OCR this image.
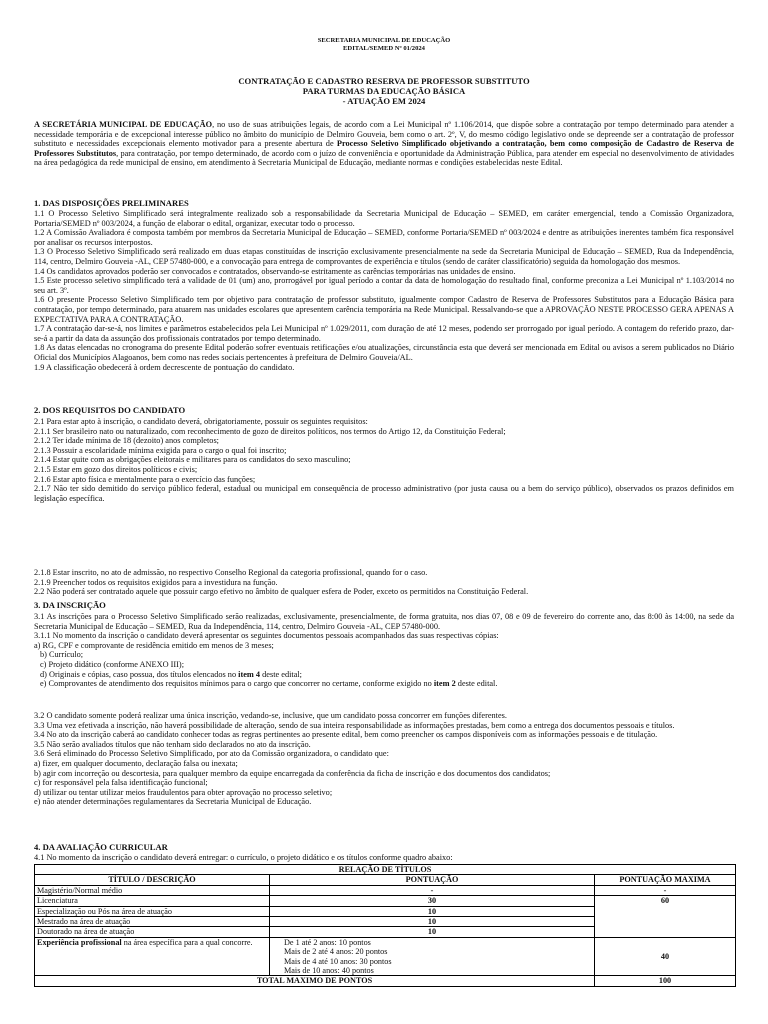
SECRETARIA MUNICIPAL DE EDUCAÇÃO
EDITAL/SEMED Nº 01/2024
CONTRATAÇÃO E CADASTRO RESERVA DE PROFESSOR SUBSTITUTO
PARA TURMAS DA EDUCAÇÃO BÁSICA
- ATUAÇÃO EM 2024
A SECRETÁRIA MUNICIPAL DE EDUCAÇÃO, no uso de suas atribuições legais, de acordo com a Lei Municipal nº 1.106/2014, que dispõe sobre a contratação por tempo determinado para atender a necessidade temporária e de excepcional interesse público no âmbito do município de Delmiro Gouveia, bem como o art. 2º, V, do mesmo código legislativo onde se depreende ser a contratação de professor substituto e necessidades excepcionais elemento motivador para a presente abertura de Processo Seletivo Simplificado objetivando a contratação, bem como composição de Cadastro de Reserva de Professores Substitutos, para contratação, por tempo determinado, de acordo com o juízo de conveniência e oportunidade da Administração Pública, para atender em especial no desenvolvimento de atividades na área pedagógica da rede municipal de ensino, em atendimento à Secretaria Municipal de Educação, mediante normas e condições estabelecidas neste Edital.
1. DAS DISPOSIÇÕES PRELIMINARES

1.1 O Processo Seletivo Simplificado será integralmente realizado sob a responsabilidade da Secretaria Municipal de Educação – SEMED, em caráter emergencial, tendo a Comissão Organizadora, Portaria/SEMED nº 003/2024, a função de elaborar o edital, organizar, executar todo o processo.

1.2 A Comissão Avaliadora é composta também por membros da Secretaria Municipal de Educação – SEMED, conforme Portaria/SEMED nº 003/2024 e dentre as atribuições inerentes também fica responsável por analisar os recursos interpostos.

1.3 O Processo Seletivo Simplificado será realizado em duas etapas constituídas de inscrição exclusivamente presencialmente na sede da Secretaria Municipal de Educação – SEMED, Rua da Independência, 114, centro, Delmiro Gouveia -AL, CEP 57480-000, e a convocação para entrega de comprovantes de experiência e títulos (sendo de caráter classificatório) seguida da homologação dos mesmos.

1.4 Os candidatos aprovados poderão ser convocados e contratados, observando-se estritamente as carências temporárias nas unidades de ensino.

1.5 Este processo seletivo simplificado terá a validade de 01 (um) ano, prorrogável por igual período a contar da data de homologação do resultado final, conforme preconiza a Lei Municipal nº 1.103/2014 no seu art. 3º.

1.6 O presente Processo Seletivo Simplificado tem por objetivo para contratação de professor substituto, igualmente compor Cadastro de Reserva de Professores Substitutos para a Educação Básica para contratação, por tempo determinado, para atuarem nas unidades escolares que apresentem carência temporária na Rede Municipal. Ressalvando-se que a APROVAÇÃO NESTE PROCESSO GERA APENAS A EXPECTATIVA PARA A CONTRATAÇÃO.

1.7 A contratação dar-se-á, nos limites e parâmetros estabelecidos pela Lei Municipal nº 1.029/2011, com duração de até 12 meses, podendo ser prorrogado por igual período. A contagem do referido prazo, dar-se-á a partir da data da assunção dos profissionais contratados por tempo determinado.

1.8 As datas elencadas no cronograma do presente Edital poderão sofrer eventuais retificações e/ou atualizações, circunstância esta que deverá ser mencionada em Edital ou avisos a serem publicados no Diário Oficial dos Municípios Alagoanos, bem como nas redes sociais pertencentes à prefeitura de Delmiro Gouveia/AL.

1.9 A classificação obedecerá à ordem decrescente de pontuação do candidato.

2. DOS REQUISITOS DO CANDIDATO

2.1 Para estar apto à inscrição, o candidato deverá, obrigatoriamente, possuir os seguintes requisitos:

2.1.1 Ser brasileiro nato ou naturalizado, com reconhecimento de gozo de direitos políticos, nos termos do Artigo 12, da Constituição Federal;

2.1.2 Ter idade mínima de 18 (dezoito) anos completos;

2.1.3 Possuir a escolaridade mínima exigida para o cargo o qual foi inscrito;

2.1.4 Estar quite com as obrigações eleitorais e militares para os candidatos do sexo masculino;

2.1.5 Estar em gozo dos direitos políticos e civis;

2.1.6 Estar apto física e mentalmente para o exercício das funções;

2.1.7 Não ter sido demitido do serviço público federal, estadual ou municipal em consequência de processo administrativo (por justa causa ou a bem do serviço público), observados os prazos definidos em legislação específica.

2.1.8 Estar inscrito, no ato de admissão, no respectivo Conselho Regional da categoria profissional, quando for o caso.

2.1.9 Preencher todos os requisitos exigidos para a investidura na função.

2.2 Não poderá ser contratado aquele que possuir cargo efetivo no âmbito de qualquer esfera de Poder, exceto os permitidos na Constituição Federal.

3. DA INSCRIÇÃO

3.1 As inscrições para o Processo Seletivo Simplificado serão realizadas, exclusivamente, presencialmente, de forma gratuita, nos dias 07, 08 e 09 de fevereiro do corrente ano, das 8:00 às 14:00, na sede da Secretaria Municipal de Educação – SEMED, Rua da Independência, 114, centro, Delmiro Gouveia -AL, CEP 57480-000.

3.1.1 No momento da inscrição o candidato deverá apresentar os seguintes documentos pessoais acompanhados das suas respectivas cópias:

a) RG, CPF e comprovante de residência emitido em menos de 3 meses;

b) Currículo;

c) Projeto didático (conforme ANEXO III);

d) Originais e cópias, caso possua, dos títulos elencados no item 4 deste edital;

e) Comprovantes de atendimento dos requisitos mínimos para o cargo que concorrer no certame, conforme exigido no item 2 deste edital.

3.2 O candidato somente poderá realizar uma única inscrição, vedando-se, inclusive, que um candidato possa concorrer em funções diferentes.

3.3 Uma vez efetivada a inscrição, não haverá possibilidade de alteração, sendo de sua inteira responsabilidade as informações prestadas, bem como a entrega dos documentos pessoais e títulos.

3.4 No ato da inscrição caberá ao candidato conhecer todas as regras pertinentes ao presente edital, bem como preencher os campos disponíveis com as informações pessoais e de titulação.

3.5 Não serão avaliados títulos que não tenham sido declarados no ato da inscrição.

3.6 Será eliminado do Processo Seletivo Simplificado, por ato da Comissão organizadora, o candidato que:

a) fizer, em qualquer documento, declaração falsa ou inexata;

b) agir com incorreção ou descortesia, para qualquer membro da equipe encarregada da conferência da ficha de inscrição e dos documentos dos candidatos;

c) for responsável pela falsa identificação funcional;

d) utilizar ou tentar utilizar meios fraudulentos para obter aprovação no processo seletivo;

e) não atender determinações regulamentares da Secretaria Municipal de Educação.

4. DA AVALIAÇÃO CURRICULAR
4.1 No momento da inscrição o candidato deverá entregar: o currículo, o projeto didático e os títulos conforme quadro abaixo:
RELAÇÃO DE TÍTULOS		
TÍTULO / DESCRIÇÃO	PONTUAÇÃO	PONTUAÇÃO MAXIMA
Magistério/Normal médio	-	-
Licenciatura	30	60
Especialização ou Pós na área de atuação	10	
Mestrado na área de atuação	10	
Doutorado na área de atuação	10	
Experiência profissional na área específica para a qual concorre.	De 1 até 2 anos: 10 pontos
Mais de 2 até 4 anos: 20 pontos
Mais de 4 até 10 anos: 30 pontos
Mais de 10 anos: 40 pontos	40
TOTAL MAXIMO DE PONTOS		100
